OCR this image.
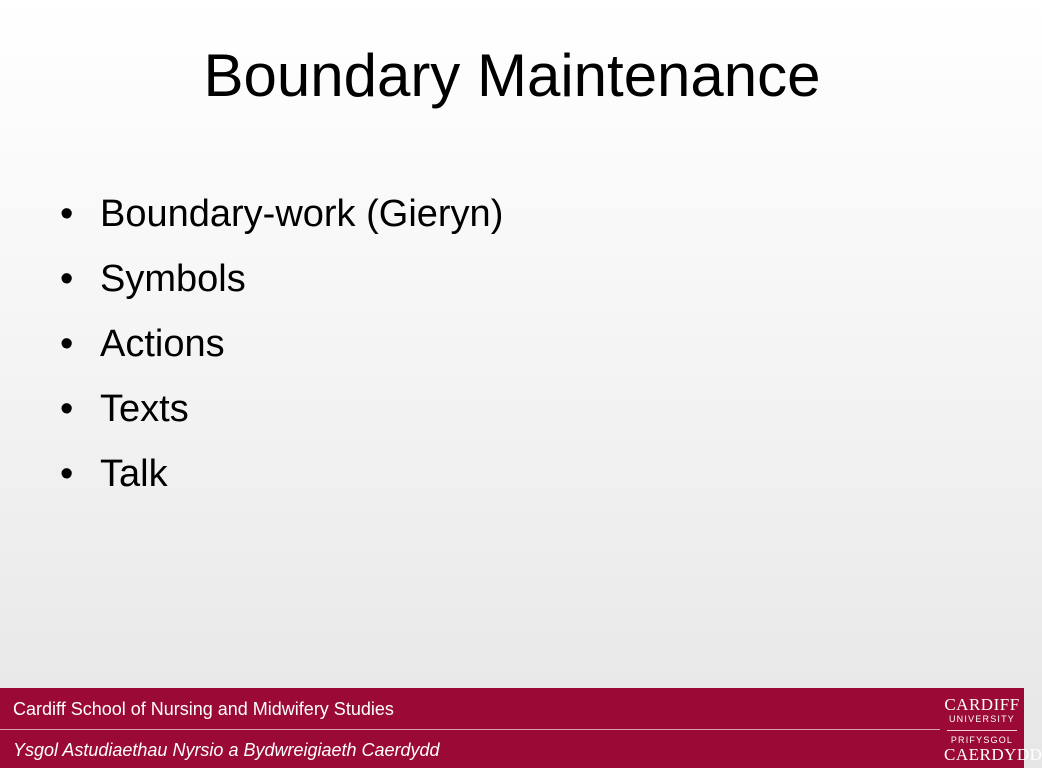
Boundary Maintenance
• Boundary-work (Gieryn)
• Symbols
• Actions
• Texts
• Talk
Cardiff School of Nursing and Midwifery Studies
Ysgol Astudiaethau Nyrsio a Bydwreigiaeth Caerdydd
CARDIFF
UNIVERSITY
PRIFYSGOL
CAERDYDD
